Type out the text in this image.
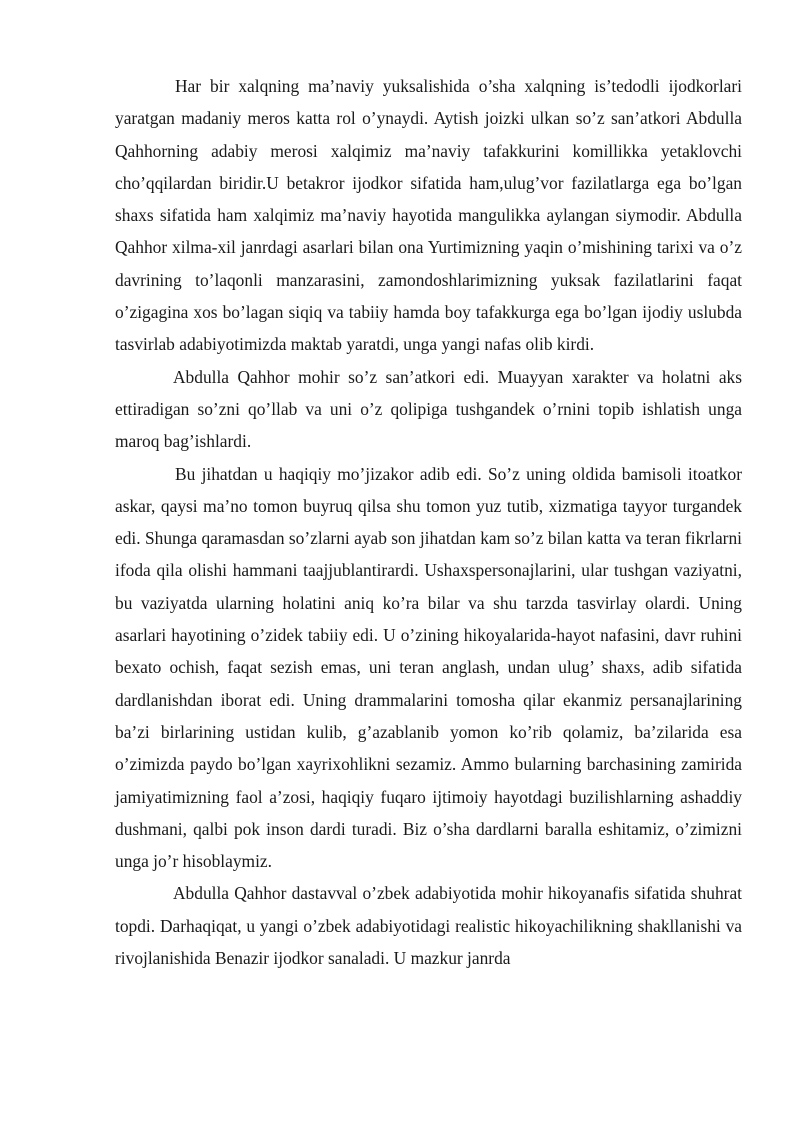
Har bir xalqning ma’naviy yuksalishida o’sha xalqning is’tedodli ijodkorlari yaratgan madaniy meros katta rol o’ynaydi. Aytish joizki ulkan so’z san’atkori Abdulla Qahhorning adabiy merosi xalqimiz ma’naviy tafakkurini komillikka yetaklovchi cho’qqilardan biridir.U betakror ijodkor sifatida ham,ulug’vor fazilatlarga ega bo’lgan shaxs sifatida ham xalqimiz ma’naviy hayotida mangulikka aylangan siymodir. Abdulla Qahhor xilma-xil janrdagi asarlari bilan ona Yurtimizning yaqin o’mishining tarixi va o’z davrining to’laqonli manzarasini, zamondoshlarimizning yuksak fazilatlarini faqat o’zigagina xos bo’lagan siqiq va tabiiy hamda boy tafakkurga ega bo’lgan ijodiy uslubda tasvirlab adabiyotimizda maktab yaratdi, unga yangi nafas olib kirdi.

Abdulla Qahhor mohir so’z san’atkori edi. Muayyan xarakter va holatni aks ettiradigan so’zni qo’llab va uni o’z qolipiga tushgandek o’rnini topib ishlatish unga maroq bag’ishlardi.

Bu jihatdan u haqiqiy mo’jizakor adib edi. So’z uning oldida bamisoli itoatkor askar, qaysi ma’no tomon buyruq qilsa shu tomon yuz tutib, xizmatiga tayyor turgandek edi. Shunga qaramasdan so’zlarni ayab son jihatdan kam so’z bilan katta va teran fikrlarni ifoda qila olishi hammani taajjublantirardi. Ushaxspersonajlarini, ular tushgan vaziyatni, bu vaziyatda ularning holatini aniq ko’ra bilar va shu tarzda tasvirlay olardi. Uning asarlari hayotining o’zidek tabiiy edi. U o’zining hikoyalarida-hayot nafasini, davr ruhini bexato ochish, faqat sezish emas, uni teran anglash, undan ulug’ shaxs, adib sifatida dardlanishdan iborat edi. Uning drammalarini tomosha qilar ekanmiz persanajlarining ba’zi birlarining ustidan kulib, g’azablanib yomon ko’rib qolamiz, ba’zilarida esa o’zimizda paydo bo’lgan xayrixohlikni sezamiz. Ammo bularning barchasining zamirida jamiyatimizning faol a’zosi, haqiqiy fuqaro ijtimoiy hayotdagi buzilishlarning ashaddiy dushmani, qalbi pok inson dardi turadi. Biz o’sha dardlarni baralla eshitamiz, o’zimizni unga jo’r hisoblaymiz.

Abdulla Qahhor dastavval o’zbek adabiyotida mohir hikoyanafis sifatida shuhrat topdi. Darhaqiqat, u yangi o’zbek adabiyotidagi realistic hikoyachilikning shakllanishi va rivojlanishida Benazir ijodkor sanaladi. U mazkur janrda
